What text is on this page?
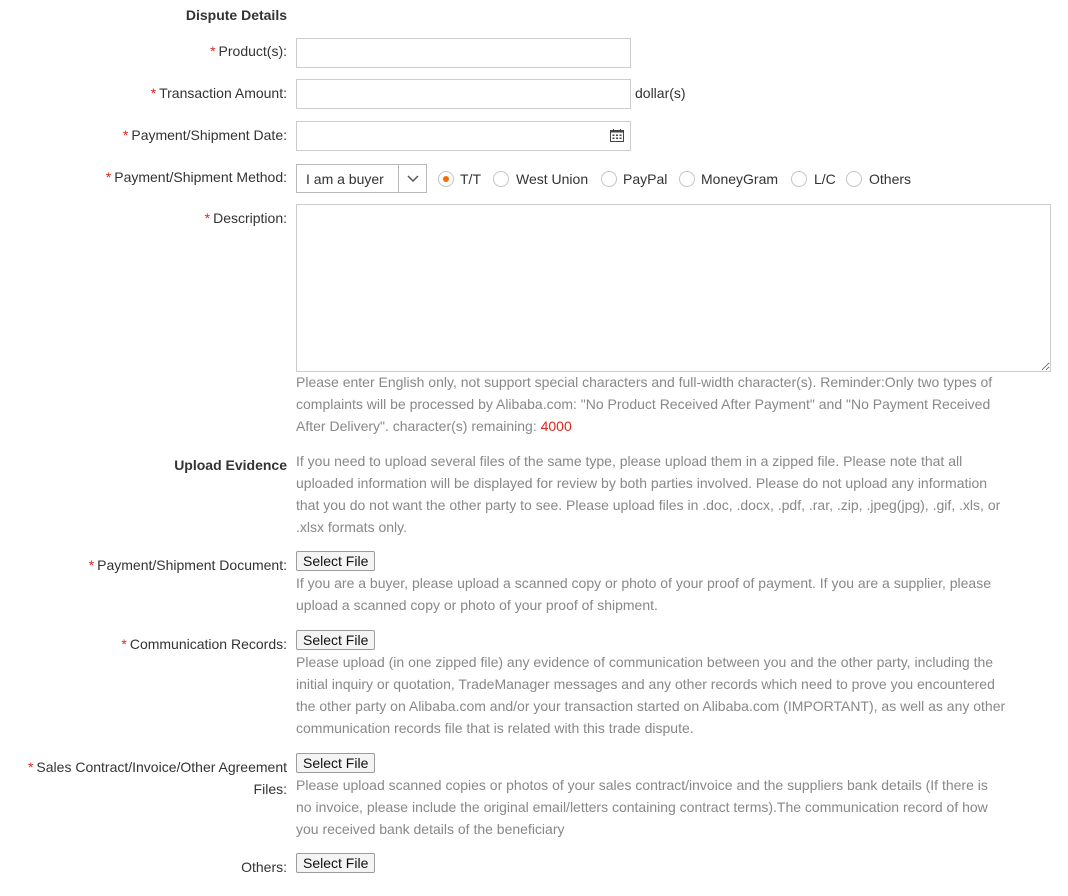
Dispute Details
* Product(s):
* Transaction Amount:	dollar(s)
* Payment/Shipment Date:
* Payment/Shipment Method:	I am a buyer	T/T	West Union PayPal MoneyGram	L/C Others
* Description:
Please enter English only, not support special characters and full-width character(s). Reminder:Only two types of
complaints will be processed by Alibaba.com: "No Product Received After Payment" and "No Payment Received
After Delivery". character(s) remaining: 4000
Upload Evidence If you need to upload several files of the same type, please upload them in a zipped file. Please note that all
uploaded information will be displayed for review by both parties involved. Please do not upload any information
that you do not want the other party to see. Please upload files in .doc, .docx, .pdf, .rar, .zip, .jpeg(jpg), .gif, .xls, or
.xlsx formats only.
* Payment/Shipment Document:	Select File
If you are a buyer, please upload a scanned copy or photo of your proof of payment. If you are a supplier, please
upload a scanned copy or photo of your proof of shipment.
* Communication Records:	Select File
Please upload (in one zipped file) any evidence of communication between you and the other party, including the
initial inquiry or quotation, TradeManager messages and any other records which need to prove you encountered
the other party on Alibaba.com and/or your transaction started on Alibaba.com (IMPORTANT), as well as any other
communication records file that is related with this trade dispute.
* Sales Contract/Invoice/Other Agreement
Files:
Select File
Please upload scanned copies or photos of your sales contract/invoice and the suppliers bank details (If there is
no invoice, please include the original email/letters containing contract terms).The communication record of how
you received bank details of the beneficiary
Others:	Select File
